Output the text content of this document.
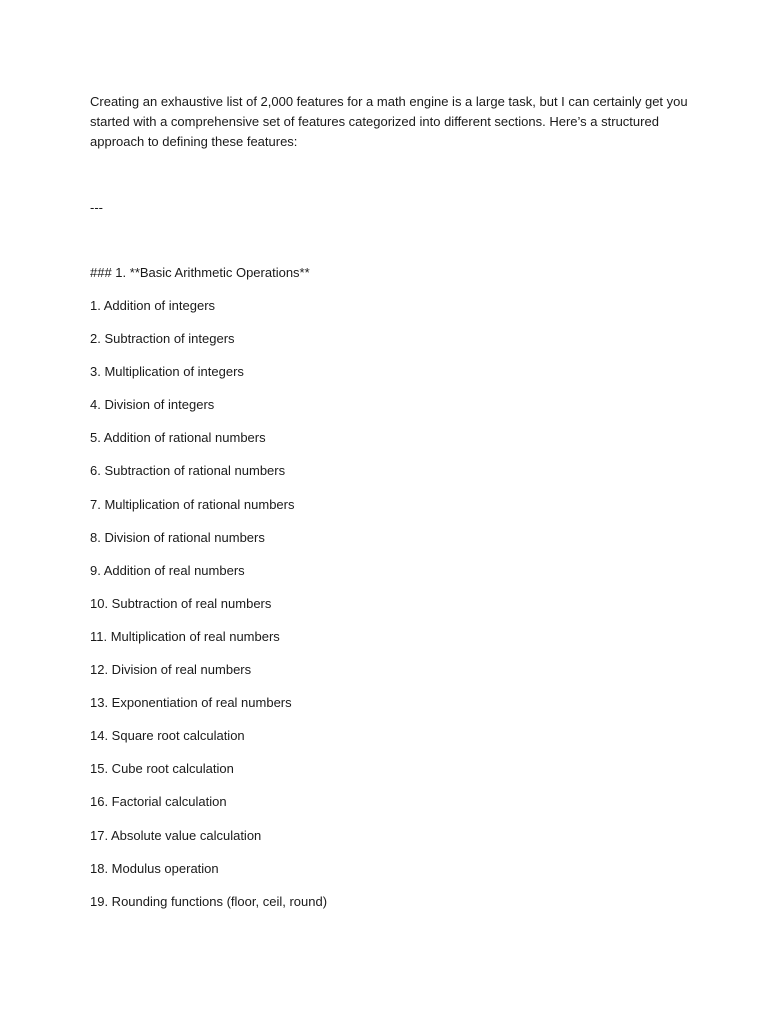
Creating an exhaustive list of 2,000 features for a math engine is a large task, but I can certainly get you started with a comprehensive set of features categorized into different sections. Here’s a structured approach to defining these features:

---

### 1. **Basic Arithmetic Operations**
1. Addition of integers
2. Subtraction of integers
3. Multiplication of integers
4. Division of integers
5. Addition of rational numbers
6. Subtraction of rational numbers
7. Multiplication of rational numbers
8. Division of rational numbers
9. Addition of real numbers
10. Subtraction of real numbers
11. Multiplication of real numbers
12. Division of real numbers
13. Exponentiation of real numbers
14. Square root calculation
15. Cube root calculation
16. Factorial calculation
17. Absolute value calculation
18. Modulus operation
19. Rounding functions (floor, ceil, round)
